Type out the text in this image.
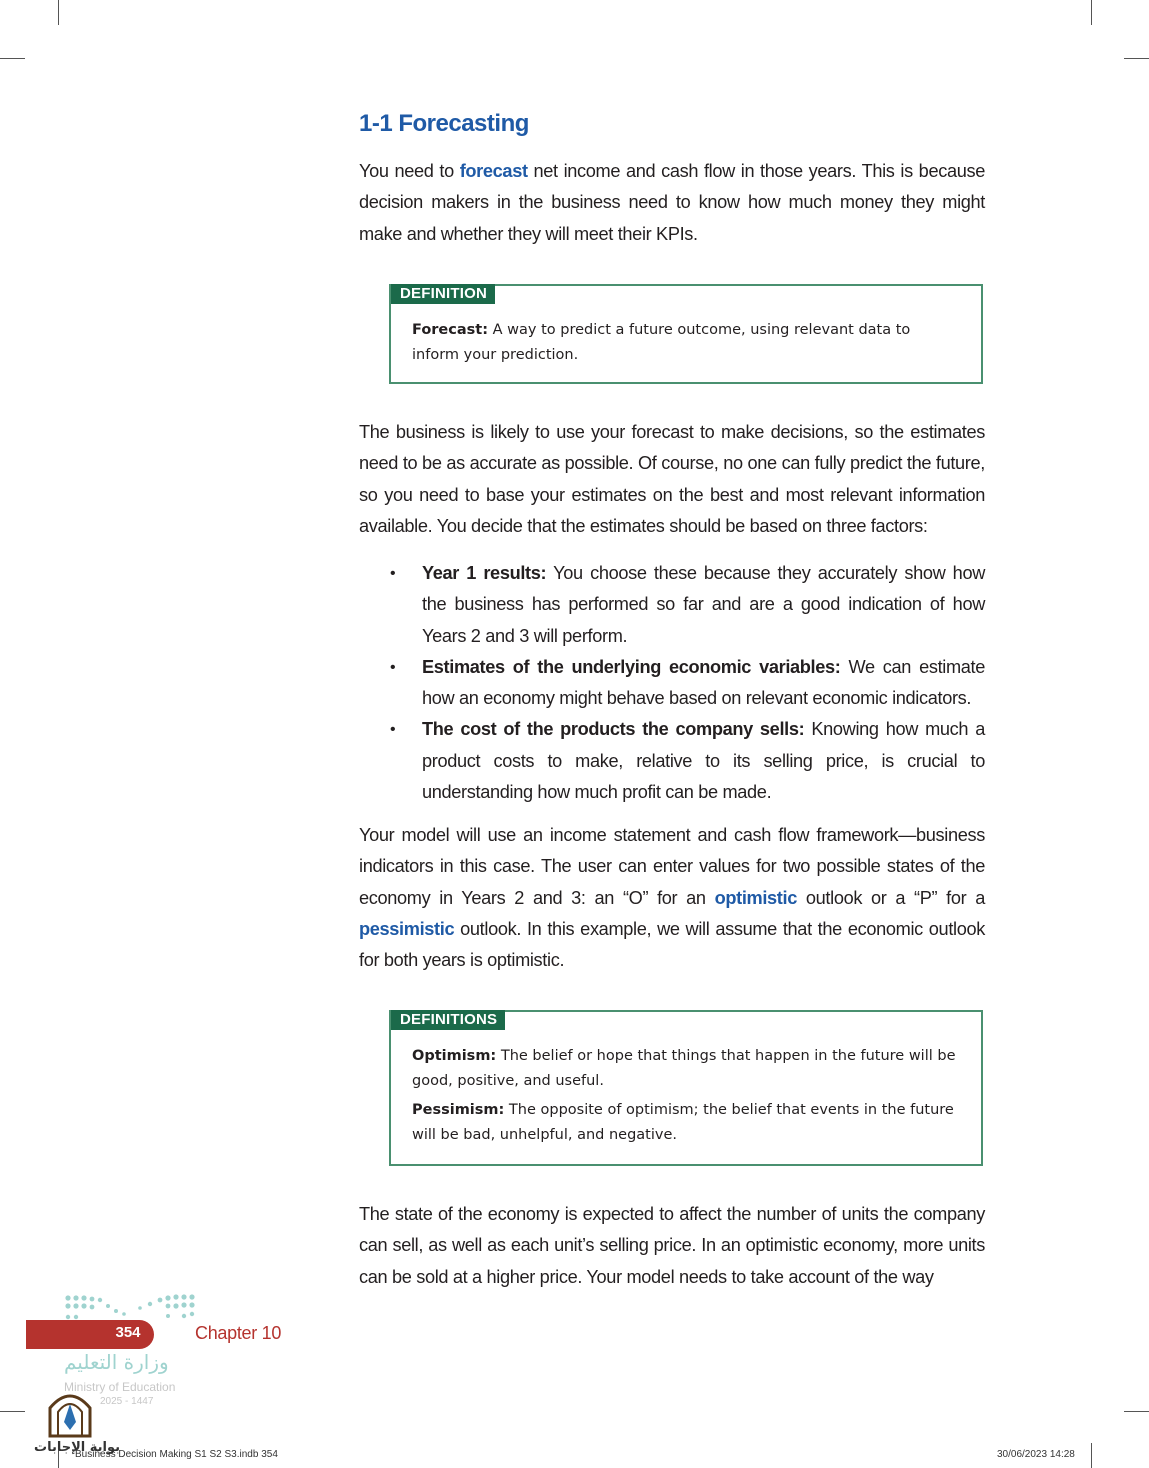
1-1 Forecasting

You need to forecast net income and cash flow in those years. This is because decision makers in the business need to know how much money they might make and whether they will meet their KPIs.

DEFINITION

Forecast: A way to predict a future outcome, using relevant data to inform your prediction.

The business is likely to use your forecast to make decisions, so the estimates need to be as accurate as possible. Of course, no one can fully predict the future, so you need to base your estimates on the best and most relevant information available. You decide that the estimates should be based on three factors:

• Year 1 results: You choose these because they accurately show how the business has performed so far and are a good indication of how Years 2 and 3 will perform.
• Estimates of the underlying economic variables: We can estimate how an economy might behave based on relevant economic indicators.
• The cost of the products the company sells: Knowing how much a product costs to make, relative to its selling price, is crucial to understanding how much profit can be made.

Your model will use an income statement and cash flow framework—business indicators in this case. The user can enter values for two possible states of the economy in Years 2 and 3: an “O” for an optimistic outlook or a “P” for a pessimistic outlook. In this example, we will assume that the economic outlook for both years is optimistic.

DEFINITIONS

Optimism: The belief or hope that things that happen in the future will be good, positive, and useful.

Pessimism: The opposite of optimism; the belief that events in the future will be bad, unhelpful, and negative.

The state of the economy is expected to affect the number of units the company can sell, as well as each unit’s selling price. In an optimistic economy, more units can be sold at a higher price. Your model needs to take account of the way

354	Chapter 10
وزارة التعليم
Ministry of Education
2025 - 1447
بوابة الإجابات
Business Decision Making S1 S2 S3.indb 354	30/06/2023 14:28
